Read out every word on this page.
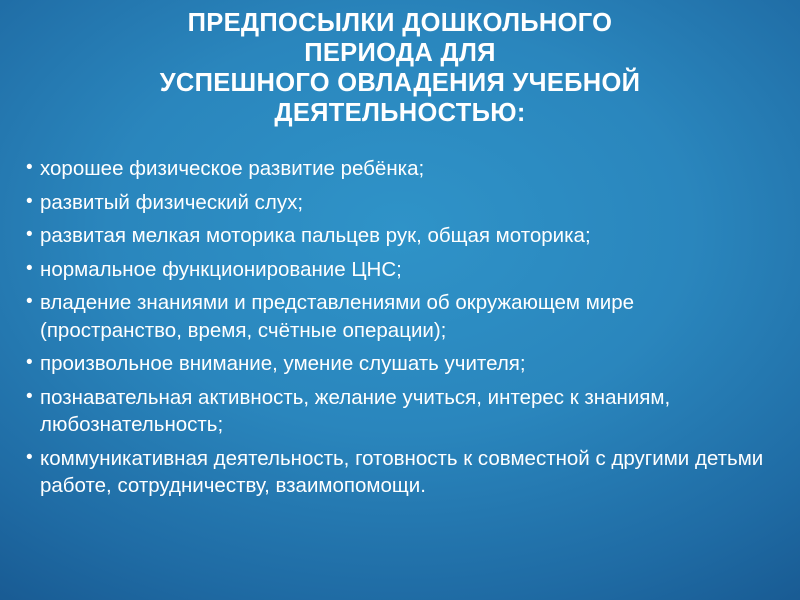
ПРЕДПОСЫЛКИ ДОШКОЛЬНОГО
ПЕРИОДА ДЛЯ
УСПЕШНОГО ОВЛАДЕНИЯ УЧЕБНОЙ
ДЕЯТЕЛЬНОСТЬЮ:
• хорошее физическое развитие ребёнка;
• развитый физический слух;
• развитая мелкая моторика пальцев рук, общая моторика;
• нормальное функционирование ЦНС;
• владение знаниями и представлениями об окружающем мире (пространство, время, счётные операции);
• произвольное внимание, умение слушать учителя;
• познавательная активность, желание учиться, интерес к знаниям, любознательность;
• коммуникативная деятельность, готовность к совместной с другими детьми работе, сотрудничеству, взаимопомощи.
